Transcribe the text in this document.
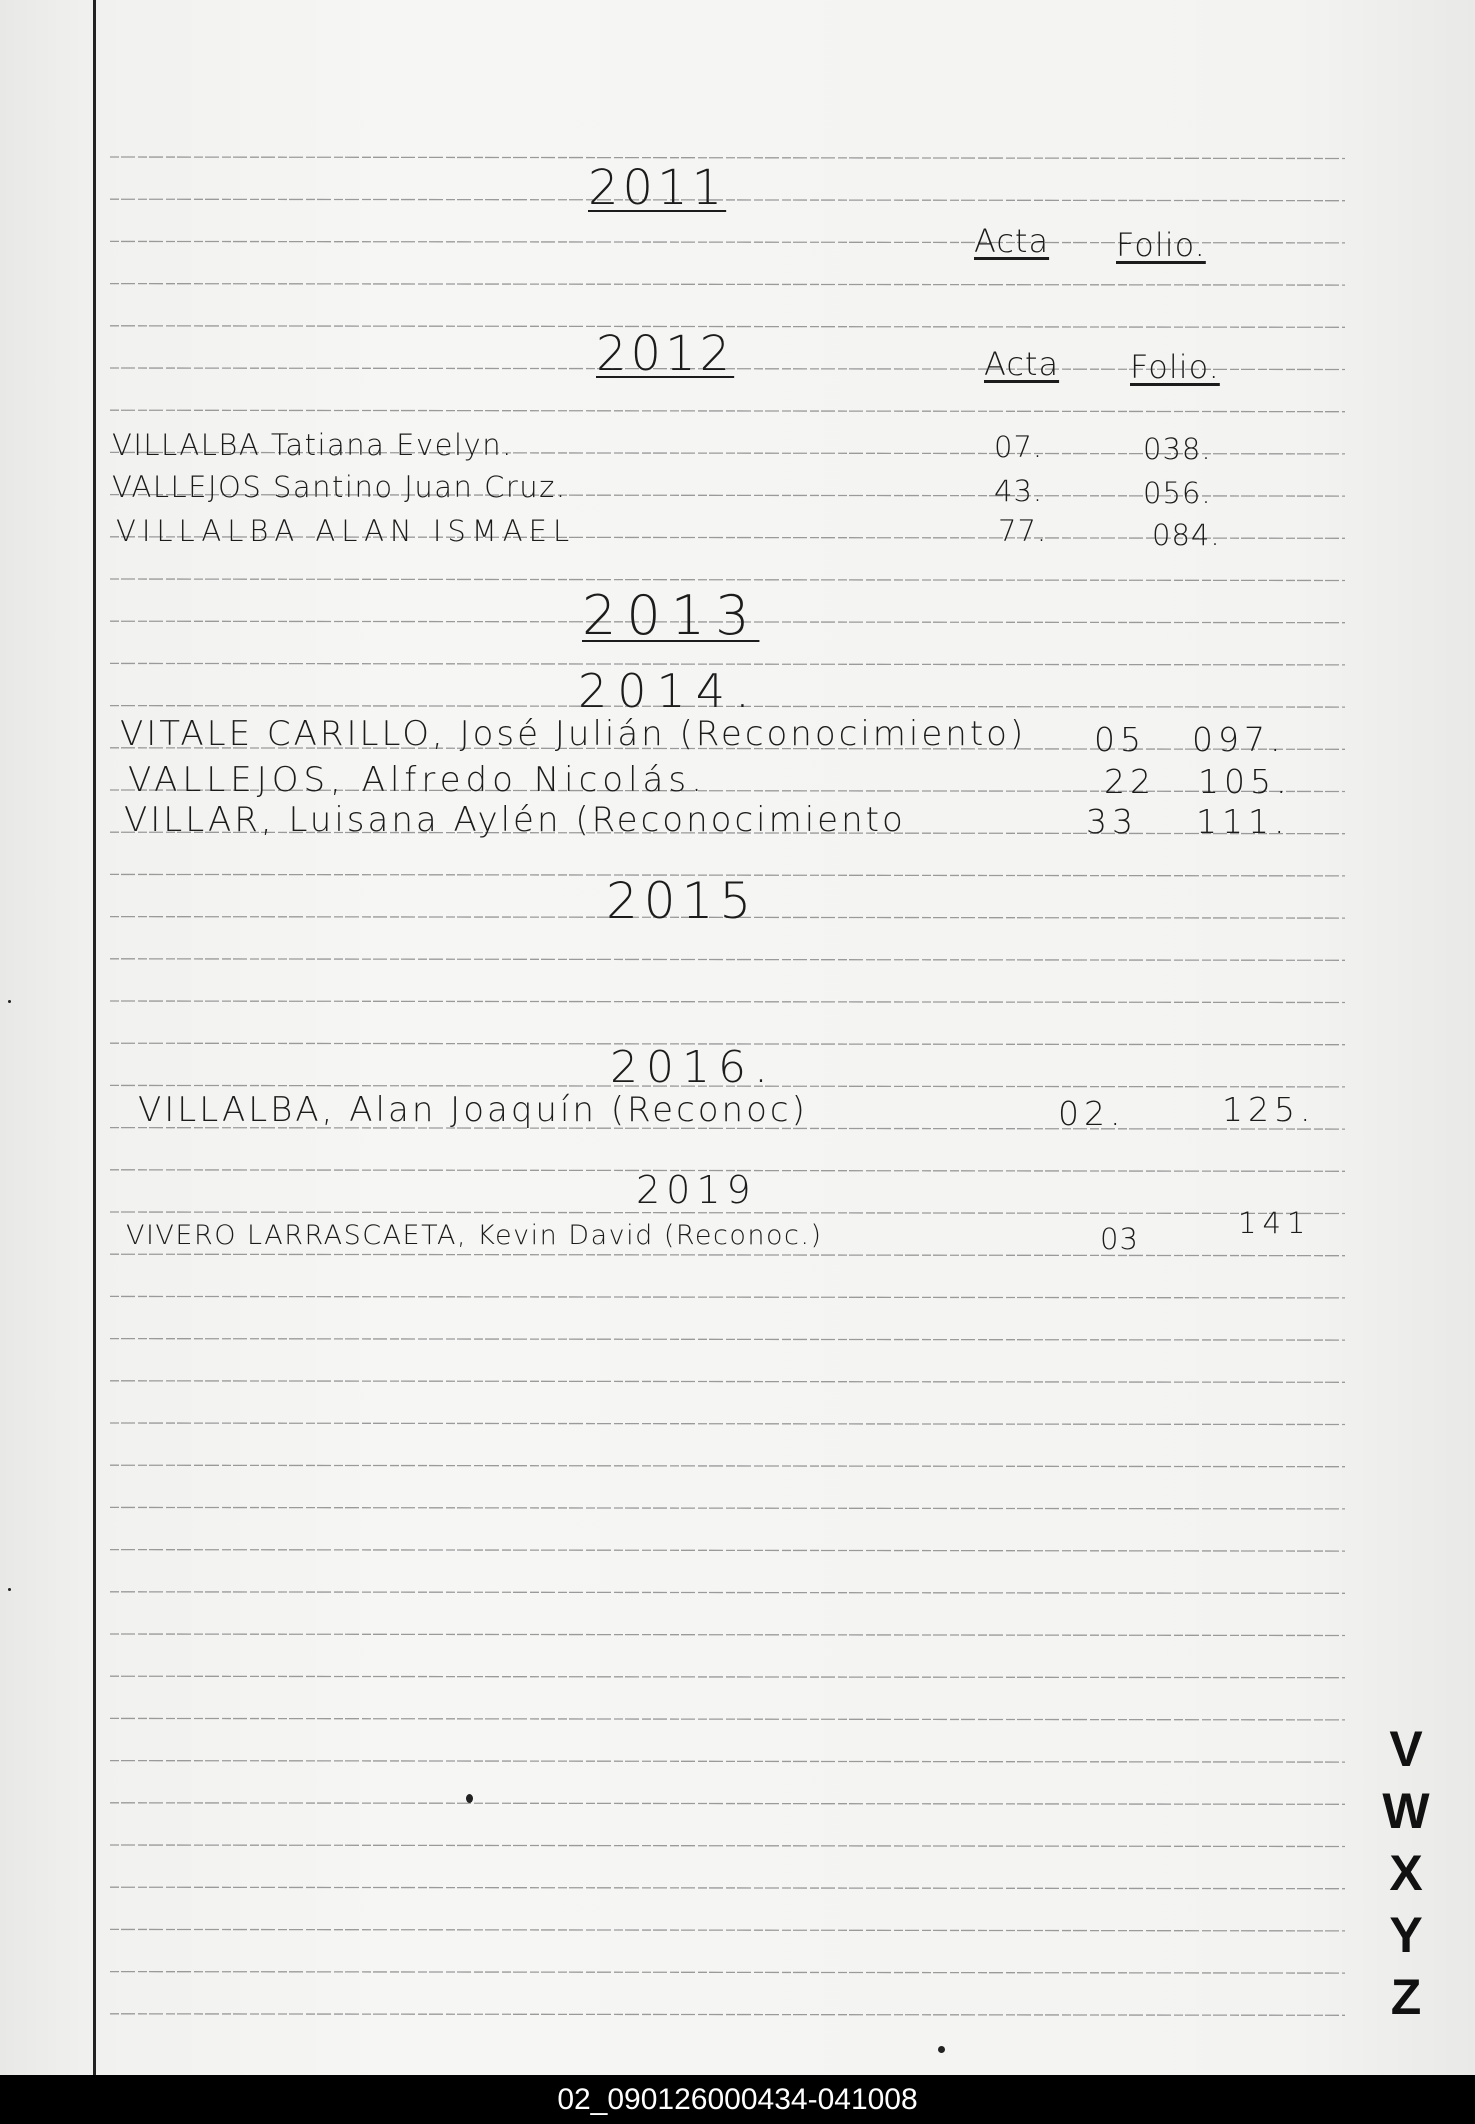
2011
Acta Folio.
2012	Acta Folio.
VILLALBA Tatiana Evelyn.	07.	038.
VALLEJOS Santino Juan Cruz.	43.	056.
VILLALBA ALAN ISMAEL	77.	084.
2013
2014.
VITALE CARILLO, José Julián (Reconocimiento) 05 097.
VALLEJOS, Alfredo Nicolás.	22 105.
VILLAR, Luisana Aylén (Reconocimiento	33 111.
2015
2016.
VILLALBA, Alan Joaquín (Reconoc)	02.	125.
2019
VIVERO LARRASCAETA, Kevin David (Reconoc.)	03	141
V
W
X
Y
Z
02_090126000434-041008
